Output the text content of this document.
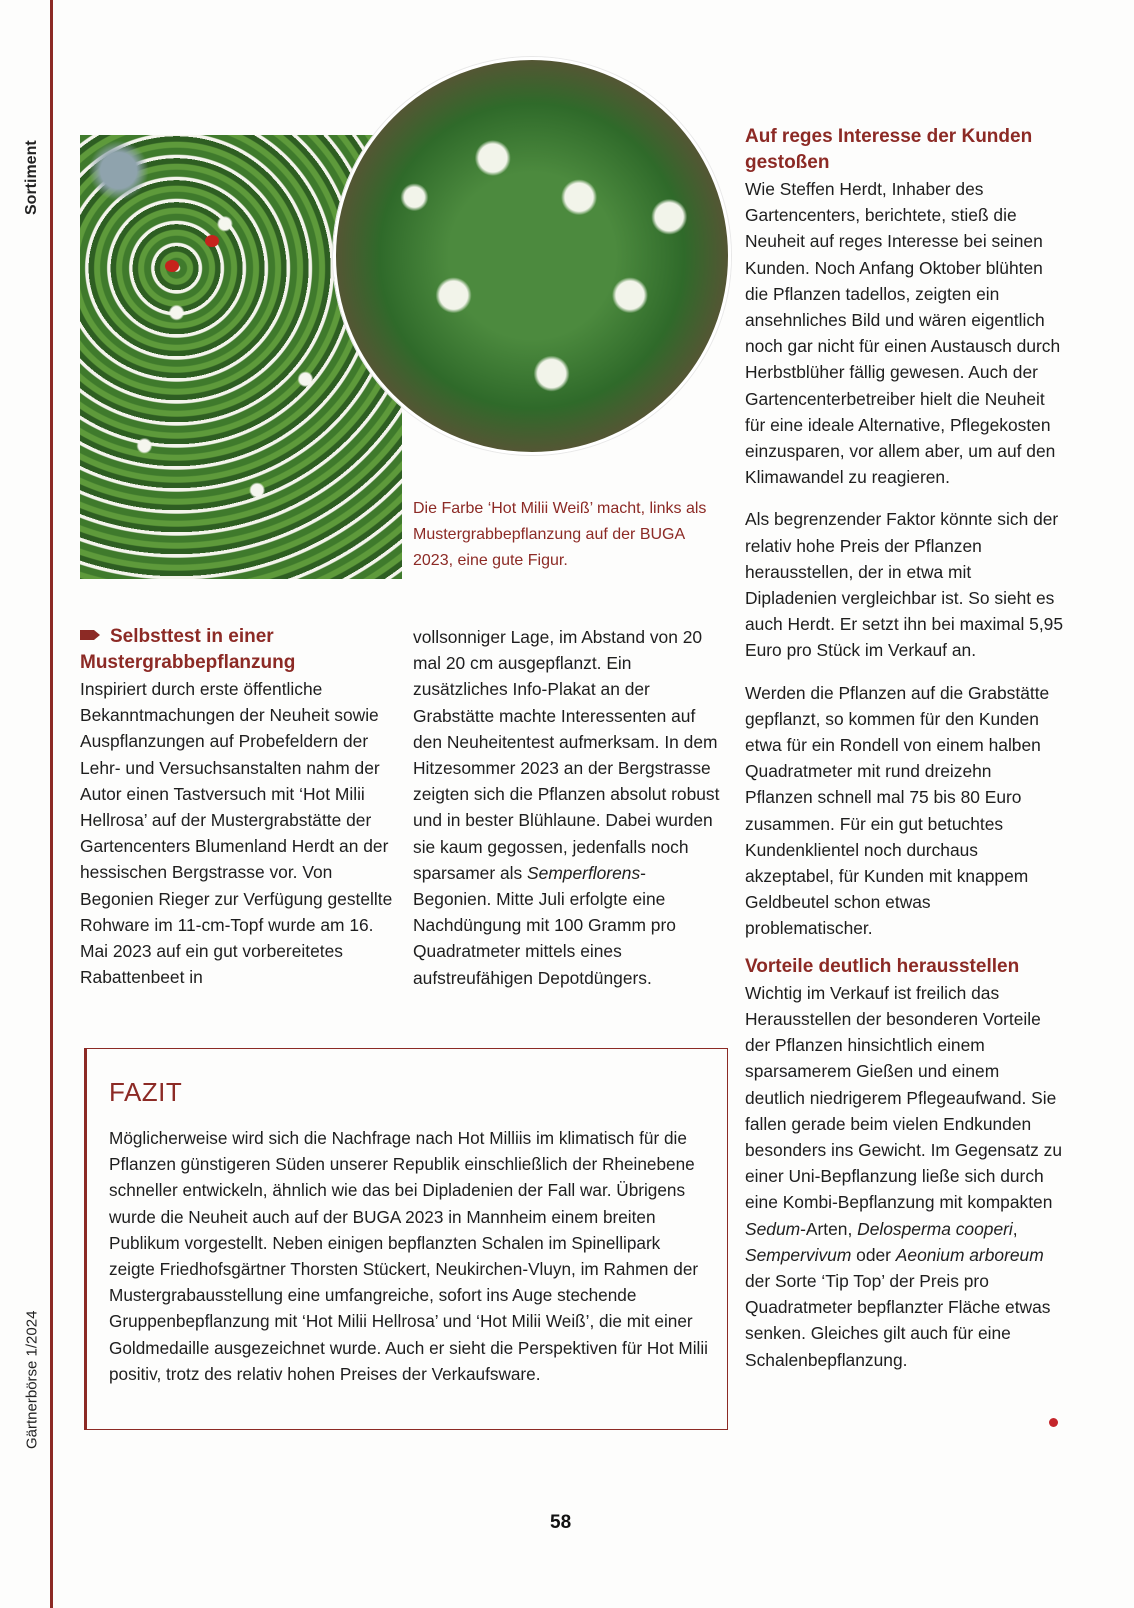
Sortiment
Gärtnerbörse 1/2024
Die Farbe ‘Hot Milii Weiß’ macht, links als Mustergrabbepflanzung auf der BUGA 2023, eine gute Figur.
Selbsttest in einer Mustergrabbepflanzung

Inspiriert durch erste öffentliche Bekanntmachungen der Neuheit sowie Auspflanzungen auf Probefeldern der Lehr- und Versuchsanstalten nahm der Autor einen Tastversuch mit ‘Hot Milii Hellrosa’ auf der Mustergrabstätte der Gartencenters Blumenland Herdt an der hessischen Bergstrasse vor. Von Begonien Rieger zur Verfügung gestellte Rohware im 11-cm-Topf wurde am 16. Mai 2023 auf ein gut vorbereitetes Rabattenbeet in

vollsonniger Lage, im Abstand von 20 mal 20 cm ausgepflanzt. Ein zusätzliches Info-Plakat an der Grabstätte machte Interessenten auf den Neuheitentest aufmerksam. In dem Hitzesommer 2023 an der Bergstrasse zeigten sich die Pflanzen absolut robust und in bester Blühlaune. Dabei wurden sie kaum gegossen, jedenfalls noch sparsamer als Semperflorens-Begonien. Mitte Juli erfolgte eine Nachdüngung mit 100 Gramm pro Quadratmeter mittels eines aufstreufähigen Depotdüngers.

Auf reges Interesse der Kunden gestoßen

Wie Steffen Herdt, Inhaber des Gartencenters, berichtete, stieß die Neuheit auf reges Interesse bei seinen Kunden. Noch Anfang Oktober blühten die Pflanzen tadellos, zeigten ein ansehnliches Bild und wären eigentlich noch gar nicht für einen Austausch durch Herbstblüher fällig gewesen. Auch der Gartencenterbetreiber hielt die Neuheit für eine ideale Alternative, Pflegekosten einzusparen, vor allem aber, um auf den Klimawandel zu reagieren.

Als begrenzender Faktor könnte sich der relativ hohe Preis der Pflanzen herausstellen, der in etwa mit Dipladenien vergleichbar ist. So sieht es auch Herdt. Er setzt ihn bei maximal 5,95 Euro pro Stück im Verkauf an.

Werden die Pflanzen auf die Grabstätte gepflanzt, so kommen für den Kunden etwa für ein Rondell von einem halben Quadratmeter mit rund dreizehn Pflanzen schnell mal 75 bis 80 Euro zusammen. Für ein gut betuchtes Kundenklientel noch durchaus akzeptabel, für Kunden mit knappem Geldbeutel schon etwas problematischer.

Vorteile deutlich herausstellen

Wichtig im Verkauf ist freilich das Herausstellen der besonderen Vorteile der Pflanzen hinsichtlich einem sparsamerem Gießen und einem deutlich niedrigerem Pflegeaufwand. Sie fallen gerade beim vielen Endkunden besonders ins Gewicht. Im Gegensatz zu einer Uni-Bepflanzung ließe sich durch eine Kombi-Bepflanzung mit kompakten Sedum-Arten, Delosperma cooperi, Sempervivum oder Aeonium arboreum der Sorte ‘Tip Top’ der Preis pro Quadratmeter bepflanzter Fläche etwas senken. Gleiches gilt auch für eine Schalenbepflanzung.

FAZIT
Möglicherweise wird sich die Nachfrage nach Hot Milliis im klimatisch für die Pflanzen günstigeren Süden unserer Republik einschließlich der Rheinebene schneller entwickeln, ähnlich wie das bei Dipladenien der Fall war. Übrigens wurde die Neuheit auch auf der BUGA 2023 in Mannheim einem breiten Publikum vorgestellt. Neben einigen bepflanzten Schalen im Spinellipark zeigte Friedhofsgärtner Thorsten Stückert, Neukirchen-Vluyn, im Rahmen der Mustergrabausstellung eine umfangreiche, sofort ins Auge stechende Gruppenbepflanzung mit ‘Hot Milii Hellrosa’ und ‘Hot Milii Weiß’, die mit einer Goldmedaille ausgezeichnet wurde. Auch er sieht die Perspektiven für Hot Milii positiv, trotz des relativ hohen Preises der Verkaufsware.
58
